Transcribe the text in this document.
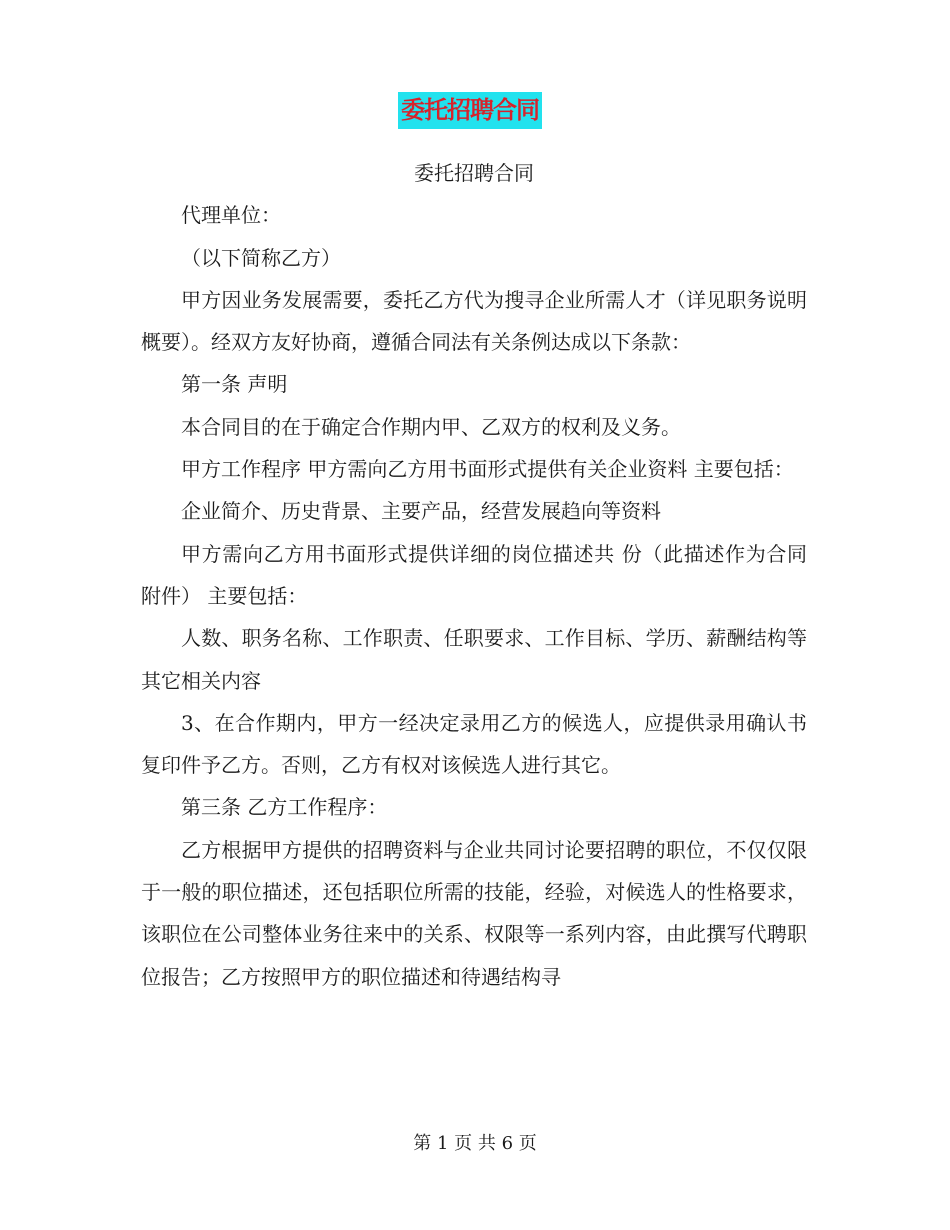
委托招聘合同

委托招聘合同

代理单位：

（以下简称乙方）

甲方因业务发展需要，委托乙方代为搜寻企业所需人才（详见职务说明概要）。经双方友好协商，遵循合同法有关条例达成以下条款：

第一条 声明

本合同目的在于确定合作期内甲、乙双方的权利及义务。

甲方工作程序 甲方需向乙方用书面形式提供有关企业资料 主要包括：

企业简介、历史背景、主要产品，经营发展趋向等资料

甲方需向乙方用书面形式提供详细的岗位描述共 份（此描述作为合同附件） 主要包括：

人数、职务名称、工作职责、任职要求、工作目标、学历、薪酬结构等其它相关内容

3、在合作期内，甲方一经决定录用乙方的候选人，应提供录用确认书复印件予乙方。否则，乙方有权对该候选人进行其它。

第三条 乙方工作程序：

乙方根据甲方提供的招聘资料与企业共同讨论要招聘的职位，不仅仅限于一般的职位描述，还包括职位所需的技能，经验，对候选人的性格要求，该职位在公司整体业务往来中的关系、权限等一系列内容，由此撰写代聘职位报告；乙方按照甲方的职位描述和待遇结构寻

第 1 页 共 6 页
